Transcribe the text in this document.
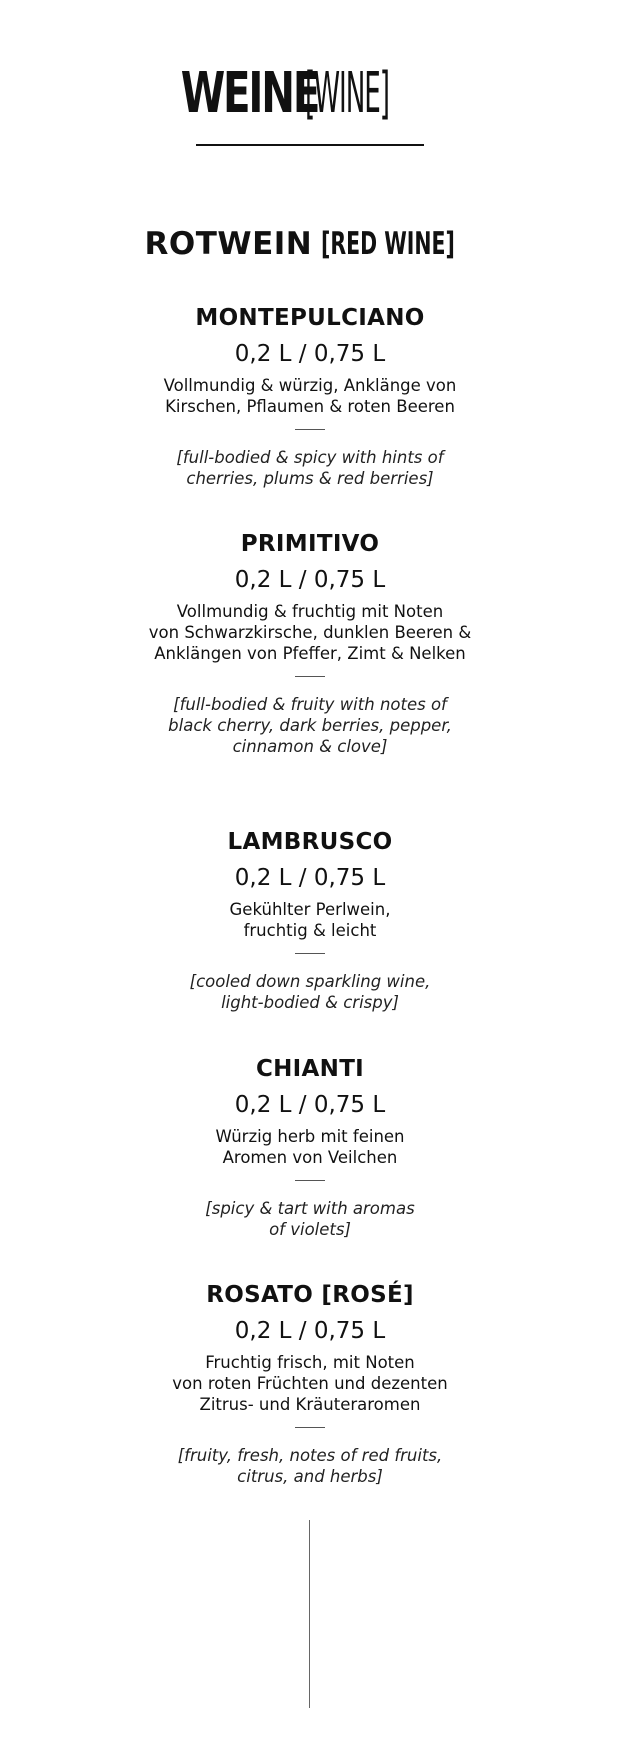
WEINE [WINE]
ROTWEIN [RED WINE]
MONTEPULCIANO
0,2 L / 0,75 L
Vollmundig & würzig, Anklänge von
Kirschen, Pflaumen & roten Beeren
[full-bodied & spicy with hints of
cherries, plums & red berries]
PRIMITIVO
0,2 L / 0,75 L
Vollmundig & fruchtig mit Noten
von Schwarzkirsche, dunklen Beeren &
Anklängen von Pfeffer, Zimt & Nelken
[full-bodied & fruity with notes of
black cherry, dark berries, pepper,
cinnamon & clove]
LAMBRUSCO
0,2 L / 0,75 L
Gekühlter Perlwein,
fruchtig & leicht
[cooled down sparkling wine,
light-bodied & crispy]
CHIANTI
0,2 L / 0,75 L
Würzig herb mit feinen
Aromen von Veilchen
[spicy & tart with aromas
of violets]
ROSATO [ROSÉ]
0,2 L / 0,75 L
Fruchtig frisch, mit Noten
von roten Früchten und dezenten
Zitrus- und Kräuteraromen
[fruity, fresh, notes of red fruits,
citrus, and herbs]
